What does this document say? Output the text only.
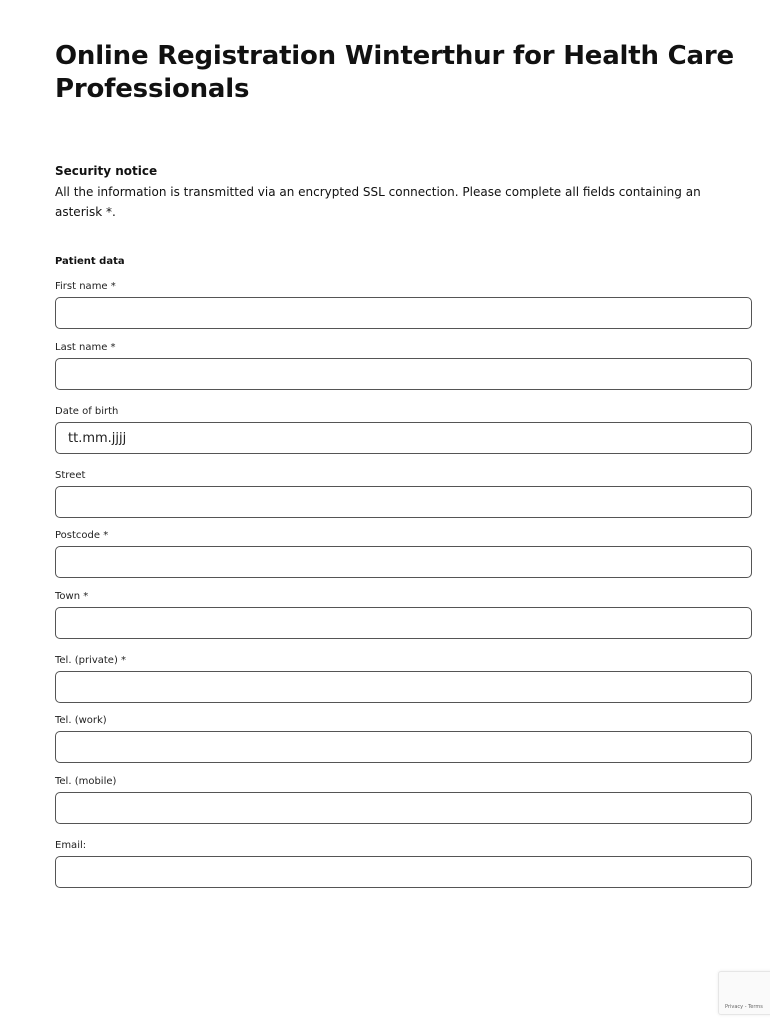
Online Registration Winterthur for Health Care Professionals
Security notice
All the information is transmitted via an encrypted SSL connection. Please complete all fields containing an asterisk *.
Patient data
First name *
Last name *
Date of birth
tt.mm.jjjj
Street
Postcode *
Town *
Tel. (private) *
Tel. (work)
Tel. (mobile)
Email:
Privacy - Terms
